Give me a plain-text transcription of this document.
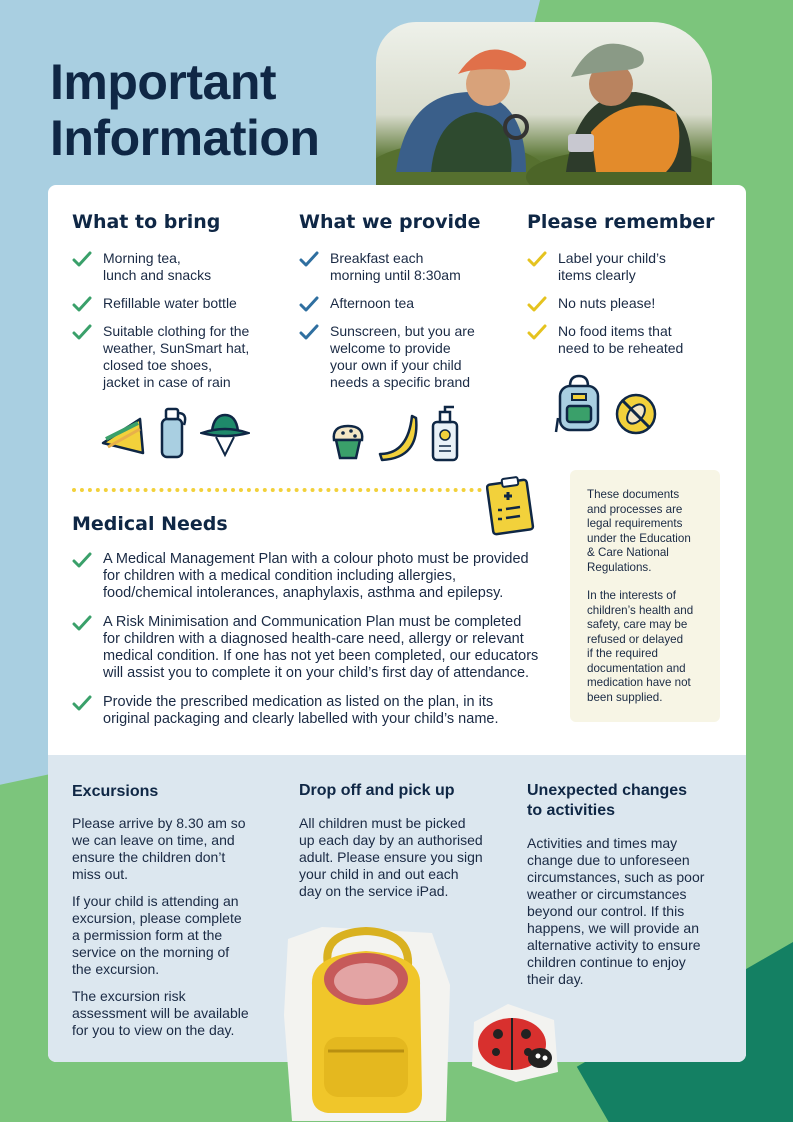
Important
Information
What to bring
Morning tea,
lunch and snacks
Refillable water bottle
Suitable clothing for the
weather, SunSmart hat,
closed toe shoes,
jacket in case of rain
What we provide
Breakfast each
morning until 8:30am
Afternoon tea
Sunscreen, but you are
welcome to provide
your own if your child
needs a specific brand
Please remember
Label your child’s
items clearly
No nuts please!
No food items that
need to be reheated
Medical Needs
A Medical Management Plan with a colour photo must be provided for children with a medical condition including allergies, food/chemical intolerances, anaphylaxis, asthma and epilepsy.
A Risk Minimisation and Communication Plan must be completed for children with a diagnosed health-care need, allergy or relevant medical condition. If one has not yet been completed, our educators will assist you to complete it on your child’s first day of attendance.
Provide the prescribed medication as listed on the plan, in its original packaging and clearly labelled with your child’s name.

These documents
and processes are
legal requirements
under the Education
& Care National
Regulations.

In the interests of
children’s health and
safety, care may be
refused or delayed
if the required
documentation and
medication have not
been supplied.

Excursions

Please arrive by 8.30 am so
we can leave on time, and
ensure the children don’t
miss out.

If your child is attending an
excursion, please complete
a permission form at the
service on the morning of
the excursion.

The excursion risk
assessment will be available
for you to view on the day.

Drop off and pick up

All children must be picked
up each day by an authorised
adult. Please ensure you sign
your child in and out each
day on the service iPad.

Unexpected changes
to activities

Activities and times may
change due to unforeseen
circumstances, such as poor
weather or circumstances
beyond our control. If this
happens, we will provide an
alternative activity to ensure
children continue to enjoy
their day.
